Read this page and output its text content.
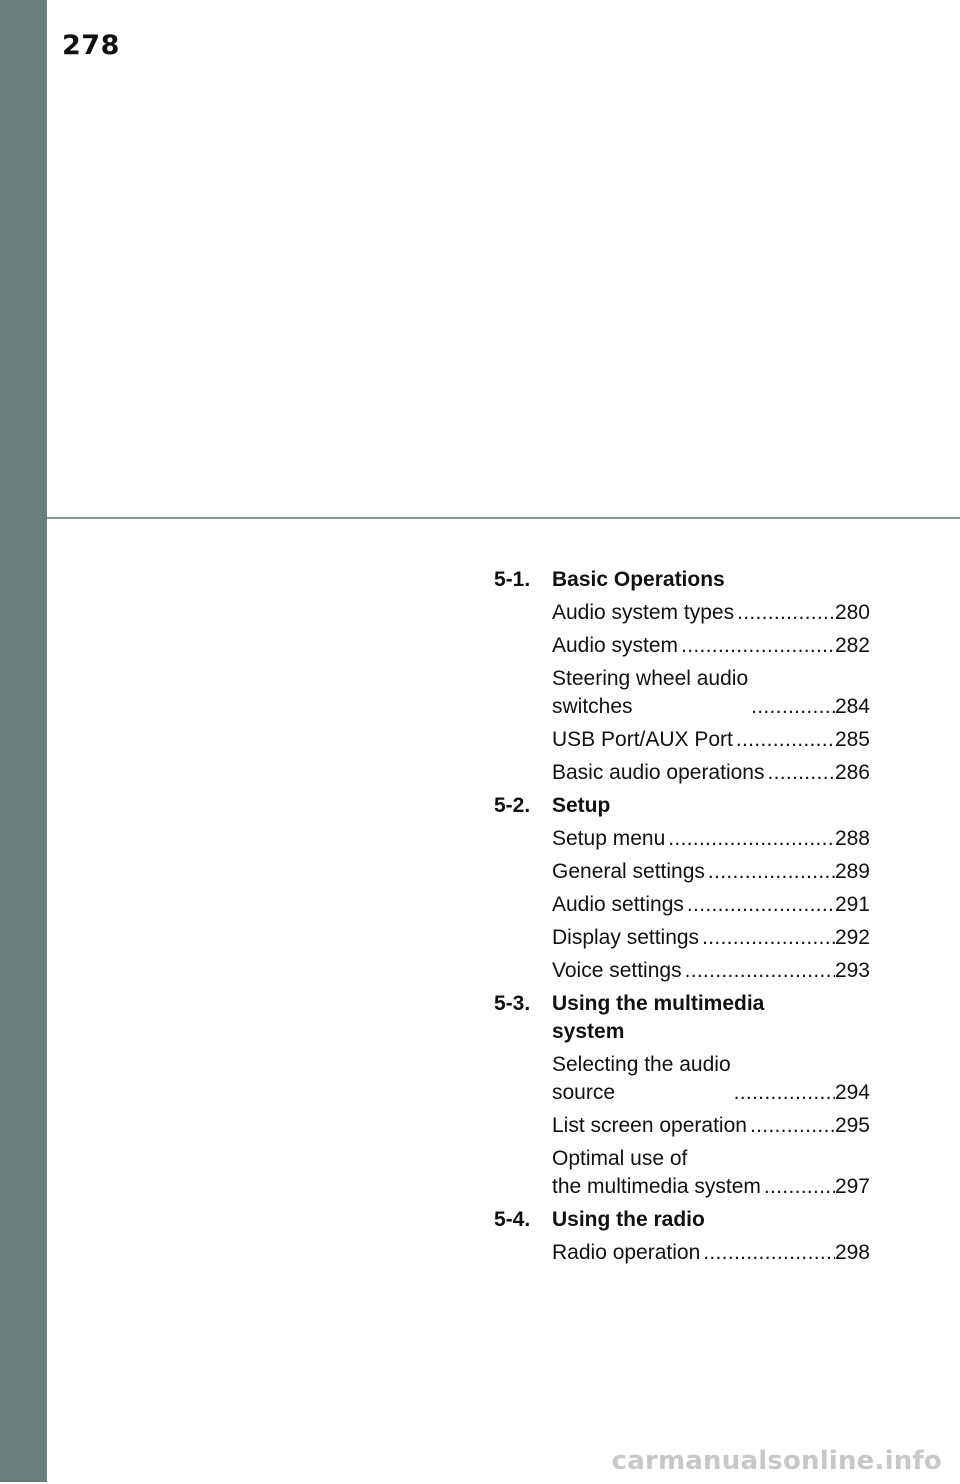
278
5-1.	Basic Operations
Audio system types .....	280
Audio system .....	282
Steering wheel audio
switches .....	284
USB Port/AUX Port .....	285
Basic audio operations .....	286
5-2.	Setup
Setup menu .....	288
General settings .....	289
Audio settings .....	291
Display settings .....	292
Voice settings .....	293
5-3.	Using the multimedia
system
Selecting the audio
source .....	294
List screen operation .....	295
Optimal use of
the multimedia system .....	297
5-4.	Using the radio
Radio operation .....	298
carmanualsonline.info
